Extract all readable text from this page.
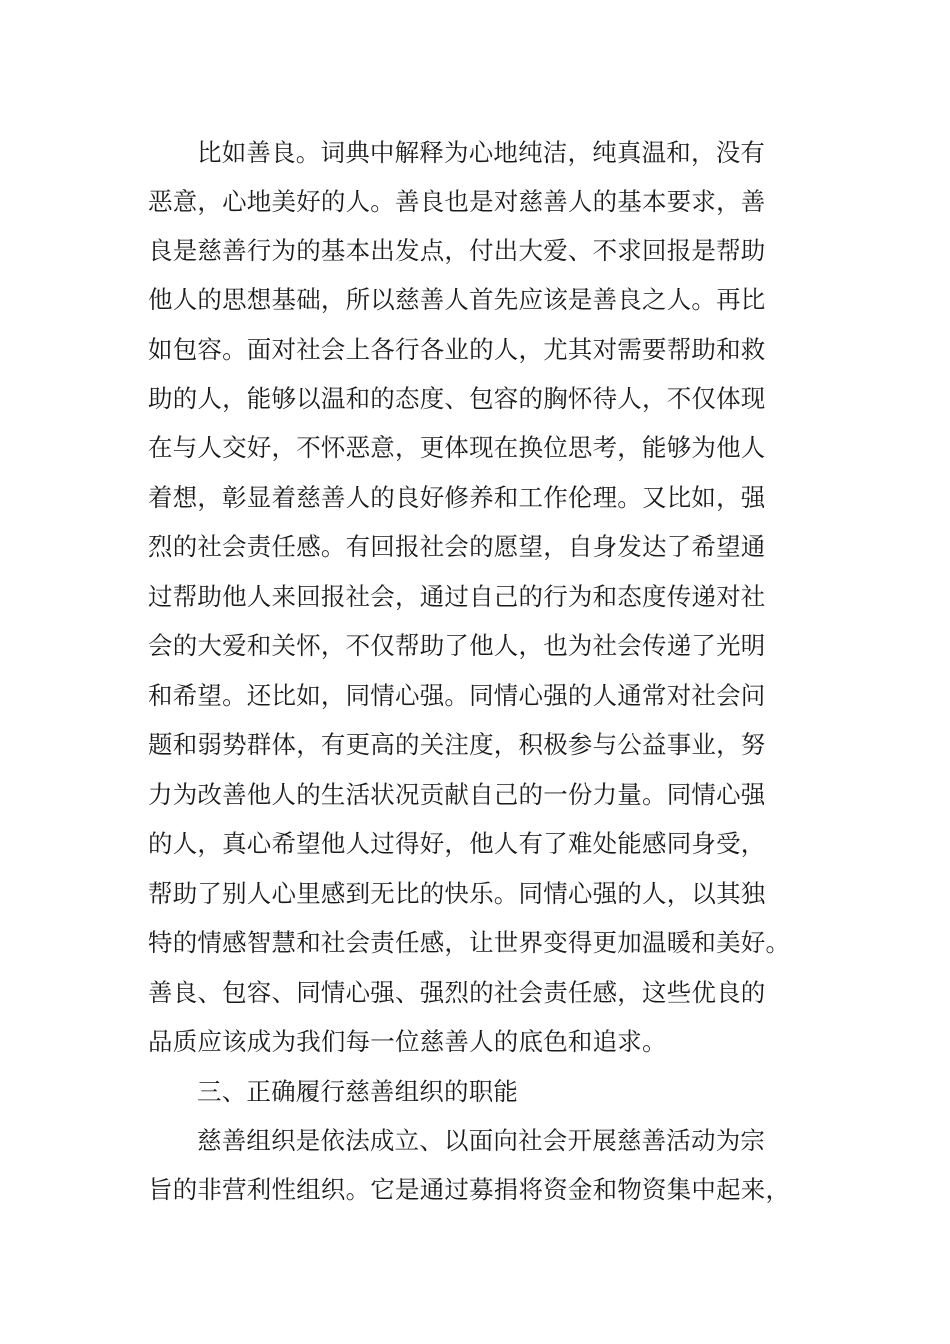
比如善良。词典中解释为心地纯洁，纯真温和，没有
恶意，心地美好的人。善良也是对慈善人的基本要求，善
良是慈善行为的基本出发点，付出大爱、不求回报是帮助
他人的思想基础，所以慈善人首先应该是善良之人。再比
如包容。面对社会上各行各业的人，尤其对需要帮助和救
助的人，能够以温和的态度、包容的胸怀待人，不仅体现
在与人交好，不怀恶意，更体现在换位思考，能够为他人
着想，彰显着慈善人的良好修养和工作伦理。又比如，强
烈的社会责任感。有回报社会的愿望，自身发达了希望通
过帮助他人来回报社会，通过自己的行为和态度传递对社
会的大爱和关怀，不仅帮助了他人，也为社会传递了光明
和希望。还比如，同情心强。同情心强的人通常对社会问
题和弱势群体，有更高的关注度，积极参与公益事业，努
力为改善他人的生活状况贡献自己的一份力量。同情心强
的人，真心希望他人过得好，他人有了难处能感同身受，
帮助了别人心里感到无比的快乐。同情心强的人，以其独
特的情感智慧和社会责任感，让世界变得更加温暖和美好。
善良、包容、同情心强、强烈的社会责任感，这些优良的
品质应该成为我们每一位慈善人的底色和追求。
三、正确履行慈善组织的职能
慈善组织是依法成立、以面向社会开展慈善活动为宗
旨的非营利性组织。它是通过募捐将资金和物资集中起来，
